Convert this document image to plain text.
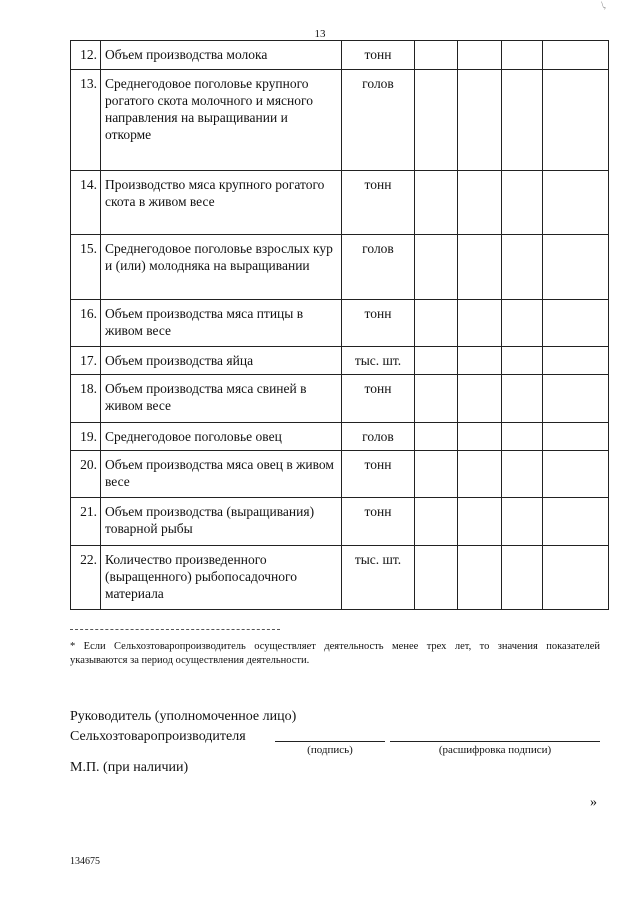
13
\,
12.	Объем производства молока	тонн				
13.	Среднегодовое поголовье крупного рогатого скота молочного и мясного направления на выращивании и откорме	голов				
14.	Производство мяса крупного рогатого скота в живом весе	тонн				
15.	Среднегодовое поголовье взрослых кур и (или) молодняка на выращивании	голов				
16.	Объем производства мяса птицы в живом весе	тонн				
17.	Объем производства яйца	тыс. шт.				
18.	Объем производства мяса свиней в живом весе	тонн				
19.	Среднегодовое поголовье овец	голов				
20.	Объем производства мяса овец в живом весе	тонн				
21.	Объем производства (выращивания) товарной рыбы	тонн				
22.	Количество произведенного (выращенного) рыбопосадочного материала	тыс. шт.				
* Если Сельхозтоваропроизводитель осуществляет деятельность менее трех лет, то значения показателей указываются за период осуществления деятельности.
Руководитель (уполномоченное лицо)
Сельхозтоваропроизводителя
(подпись)	(расшифровка подписи)
М.П. (при наличии)
»
134675
